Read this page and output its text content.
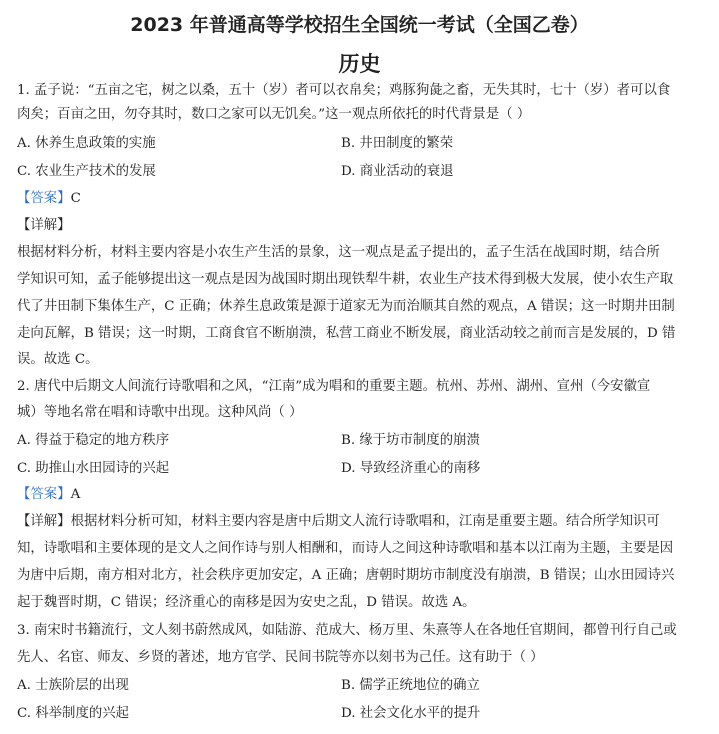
2023 年普通高等学校招生全国统一考试（全国乙卷）
历史
1. 孟子说：“五亩之宅，树之以桑，五十（岁）者可以衣帛矣；鸡豚狗彘之畜，无失其时，七十（岁）者可以食
肉矣；百亩之田，勿夺其时，数口之家可以无饥矣。”这一观点所依托的时代背景是（ ）
A. 休养生息政策的实施	B. 井田制度的繁荣
C. 农业生产技术的发展	D. 商业活动的衰退
【答案】C
【详解】
根据材料分析，材料主要内容是小农生产生活的景象，这一观点是孟子提出的，孟子生活在战国时期，结合所
学知识可知，孟子能够提出这一观点是因为战国时期出现铁犁牛耕，农业生产技术得到极大发展，使小农生产取
代了井田制下集体生产，C 正确；休养生息政策是源于道家无为而治顺其自然的观点，A 错误；这一时期井田制
走向瓦解，B 错误；这一时期，工商食官不断崩溃，私营工商业不断发展，商业活动较之前而言是发展的，D 错
误。故选 C。
2. 唐代中后期文人间流行诗歌唱和之风，“江南”成为唱和的重要主题。杭州、苏州、湖州、宣州（今安徽宣
城）等地名常在唱和诗歌中出现。这种风尚（ ）
A. 得益于稳定的地方秩序	B. 缘于坊市制度的崩溃
C. 助推山水田园诗的兴起	D. 导致经济重心的南移
【答案】A
【详解】根据材料分析可知，材料主要内容是唐中后期文人流行诗歌唱和，江南是重要主题。结合所学知识可
知，诗歌唱和主要体现的是文人之间作诗与别人相酬和，而诗人之间这种诗歌唱和基本以江南为主题，主要是因
为唐中后期，南方相对北方，社会秩序更加安定，A 正确；唐朝时期坊市制度没有崩溃，B 错误；山水田园诗兴
起于魏晋时期，C 错误；经济重心的南移是因为安史之乱，D 错误。故选 A。
3. 南宋时书籍流行，文人刻书蔚然成风，如陆游、范成大、杨万里、朱熹等人在各地任官期间，都曾刊行自己或
先人、名宦、师友、乡贤的著述，地方官学、民间书院等亦以刻书为己任。这有助于（ ）
A. 士族阶层的出现	B. 儒学正统地位的确立
C. 科举制度的兴起	D. 社会文化水平的提升
